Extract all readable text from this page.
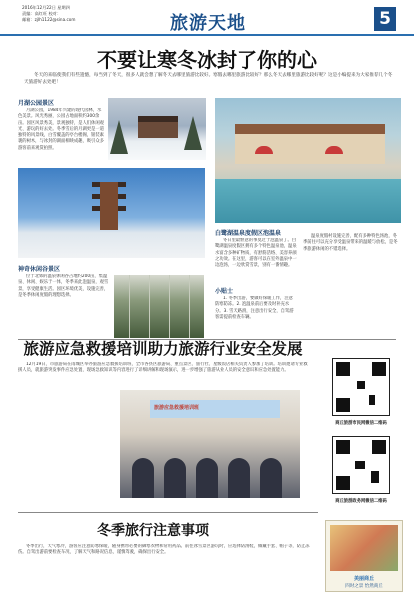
2016年12月22日 星期四
责编：高红旺 校对：
邮箱：zjlh1122@sina.com	旅游天地	5
不要让寒冬冰封了你的心
冬天的来临使我们有些遗憾，每当到了冬天，很多人就会想了解冬天去哪里旅游比较好。寒假去哪里旅游比较好？那么冬天去哪里旅游比较好呢？这是小编提来为大家推荐几个冬天旅游好去处吧！
月湖公园景区
月湖公园，1984年兴建的现代园林，水色美景。风光秀丽，公园占地面积约300余亩。园区风景秀美，景观独特，是人们休闲观光、游玩的好去处。冬季雪后的月湖更是一道独特的风景线，白雪覆盖的亭台楼阁，银装素裹的树木，与冰封的湖面相映成趣，吸引众多游客前来观赏拍照。
白鹭湖温泉度假区泡温泉
冬日里最惬意的事莫过于泡温泉了。白鹭湖温泉度假区拥有多个特色温泉池，温泉水富含多种矿物质，有舒筋活络、美容养颜之功效。在这里，游客可以在室外温泉中一边泡汤，一边欣赏雪景，别有一番情趣。
温泉度假村设施完善，配有多种特色汤池，冬季前往可以充分享受温泉带来的温暖与放松，是冬季旅游休闲的不错选择。
神奇休闲谷景区
位于北郊的温泉休闲谷占地约200亩，集温泉、休闲、娱乐于一体，冬季来此泡温泉，观雪景，享受健康生活。园区环境优美，设施完善，是冬季休闲度假的理想选择。
小贴士
1. 冬季出游，要做好保暖工作，注意防寒防冻。2. 泡温泉前后要及时补充水分。3. 雪天路滑，注意出行安全，自驾游客需提前检查车辆。
旅游应急救援培训助力旅游行业安全发展
12月19日，市旅游局在雨城区举办旅游应急救援培训班，全市各县区旅游局、重点景区、旅行社、星级饭店相关负责人参加了培训。培训邀请专业救援人员，就旅游突发事件应急处置、现场急救知识等内容进行了详细讲解和现场演示，进一步增强了旅游从业人员的安全意识和应急处置能力。
旅游应急救援培训班
商丘旅游市民网微信二维码
商丘旅游政务网微信二维码
冬季旅行注意事项
冬季出行，天气寒冷，游客应注意防寒保暖，随身携带必要的御寒衣物和常用药品。前往冰雪景区游玩时，应选择防滑鞋，佩戴手套、帽子等，防止冻伤。自驾出游前要检查车况，了解天气和路况信息，谨慎驾驶，确保出行安全。
美丽商丘
四时之景 怡然商丘
